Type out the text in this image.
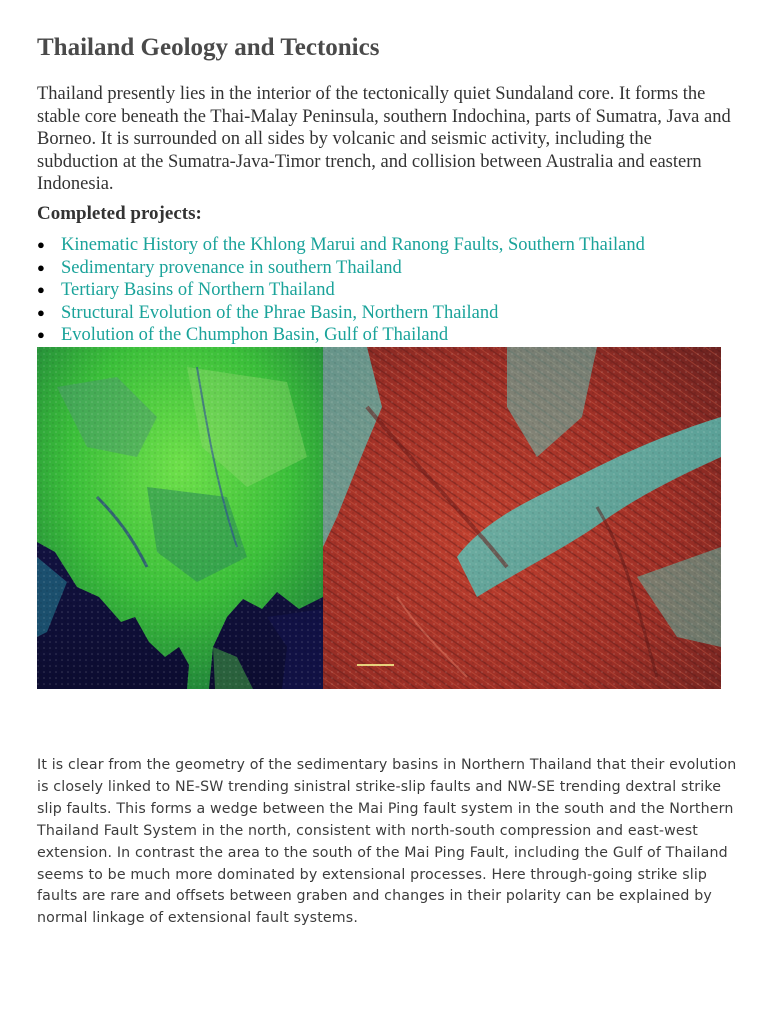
Thailand Geology and Tectonics

Thailand presently lies in the interior of the tectonically quiet Sundaland core. It forms the stable core beneath the Thai-Malay Peninsula, southern Indochina, parts of Sumatra, Java and Borneo. It is surrounded on all sides by volcanic and seismic activity, including the subduction at the Sumatra-Java-Timor trench, and collision between Australia and eastern Indonesia.

Completed projects:
● Kinematic History of the Khlong Marui and Ranong Faults, Southern Thailand
● Sedimentary provenance in southern Thailand
● Tertiary Basins of Northern Thailand
● Structural Evolution of the Phrae Basin, Northern Thailand
● Evolution of the Chumphon Basin, Gulf of Thailand

It is clear from the geometry of the sedimentary basins in Northern Thailand that their evolution is closely linked to NE-SW trending sinistral strike-slip faults and NW-SE trending dextral strike slip faults. This forms a wedge between the Mai Ping fault system in the south and the Northern Thailand Fault System in the north, consistent with north-south compression and east-west extension. In contrast the area to the south of the Mai Ping Fault, including the Gulf of Thailand seems to be much more dominated by extensional processes. Here through-going strike slip faults are rare and offsets between graben and changes in their polarity can be explained by normal linkage of extensional fault systems.
